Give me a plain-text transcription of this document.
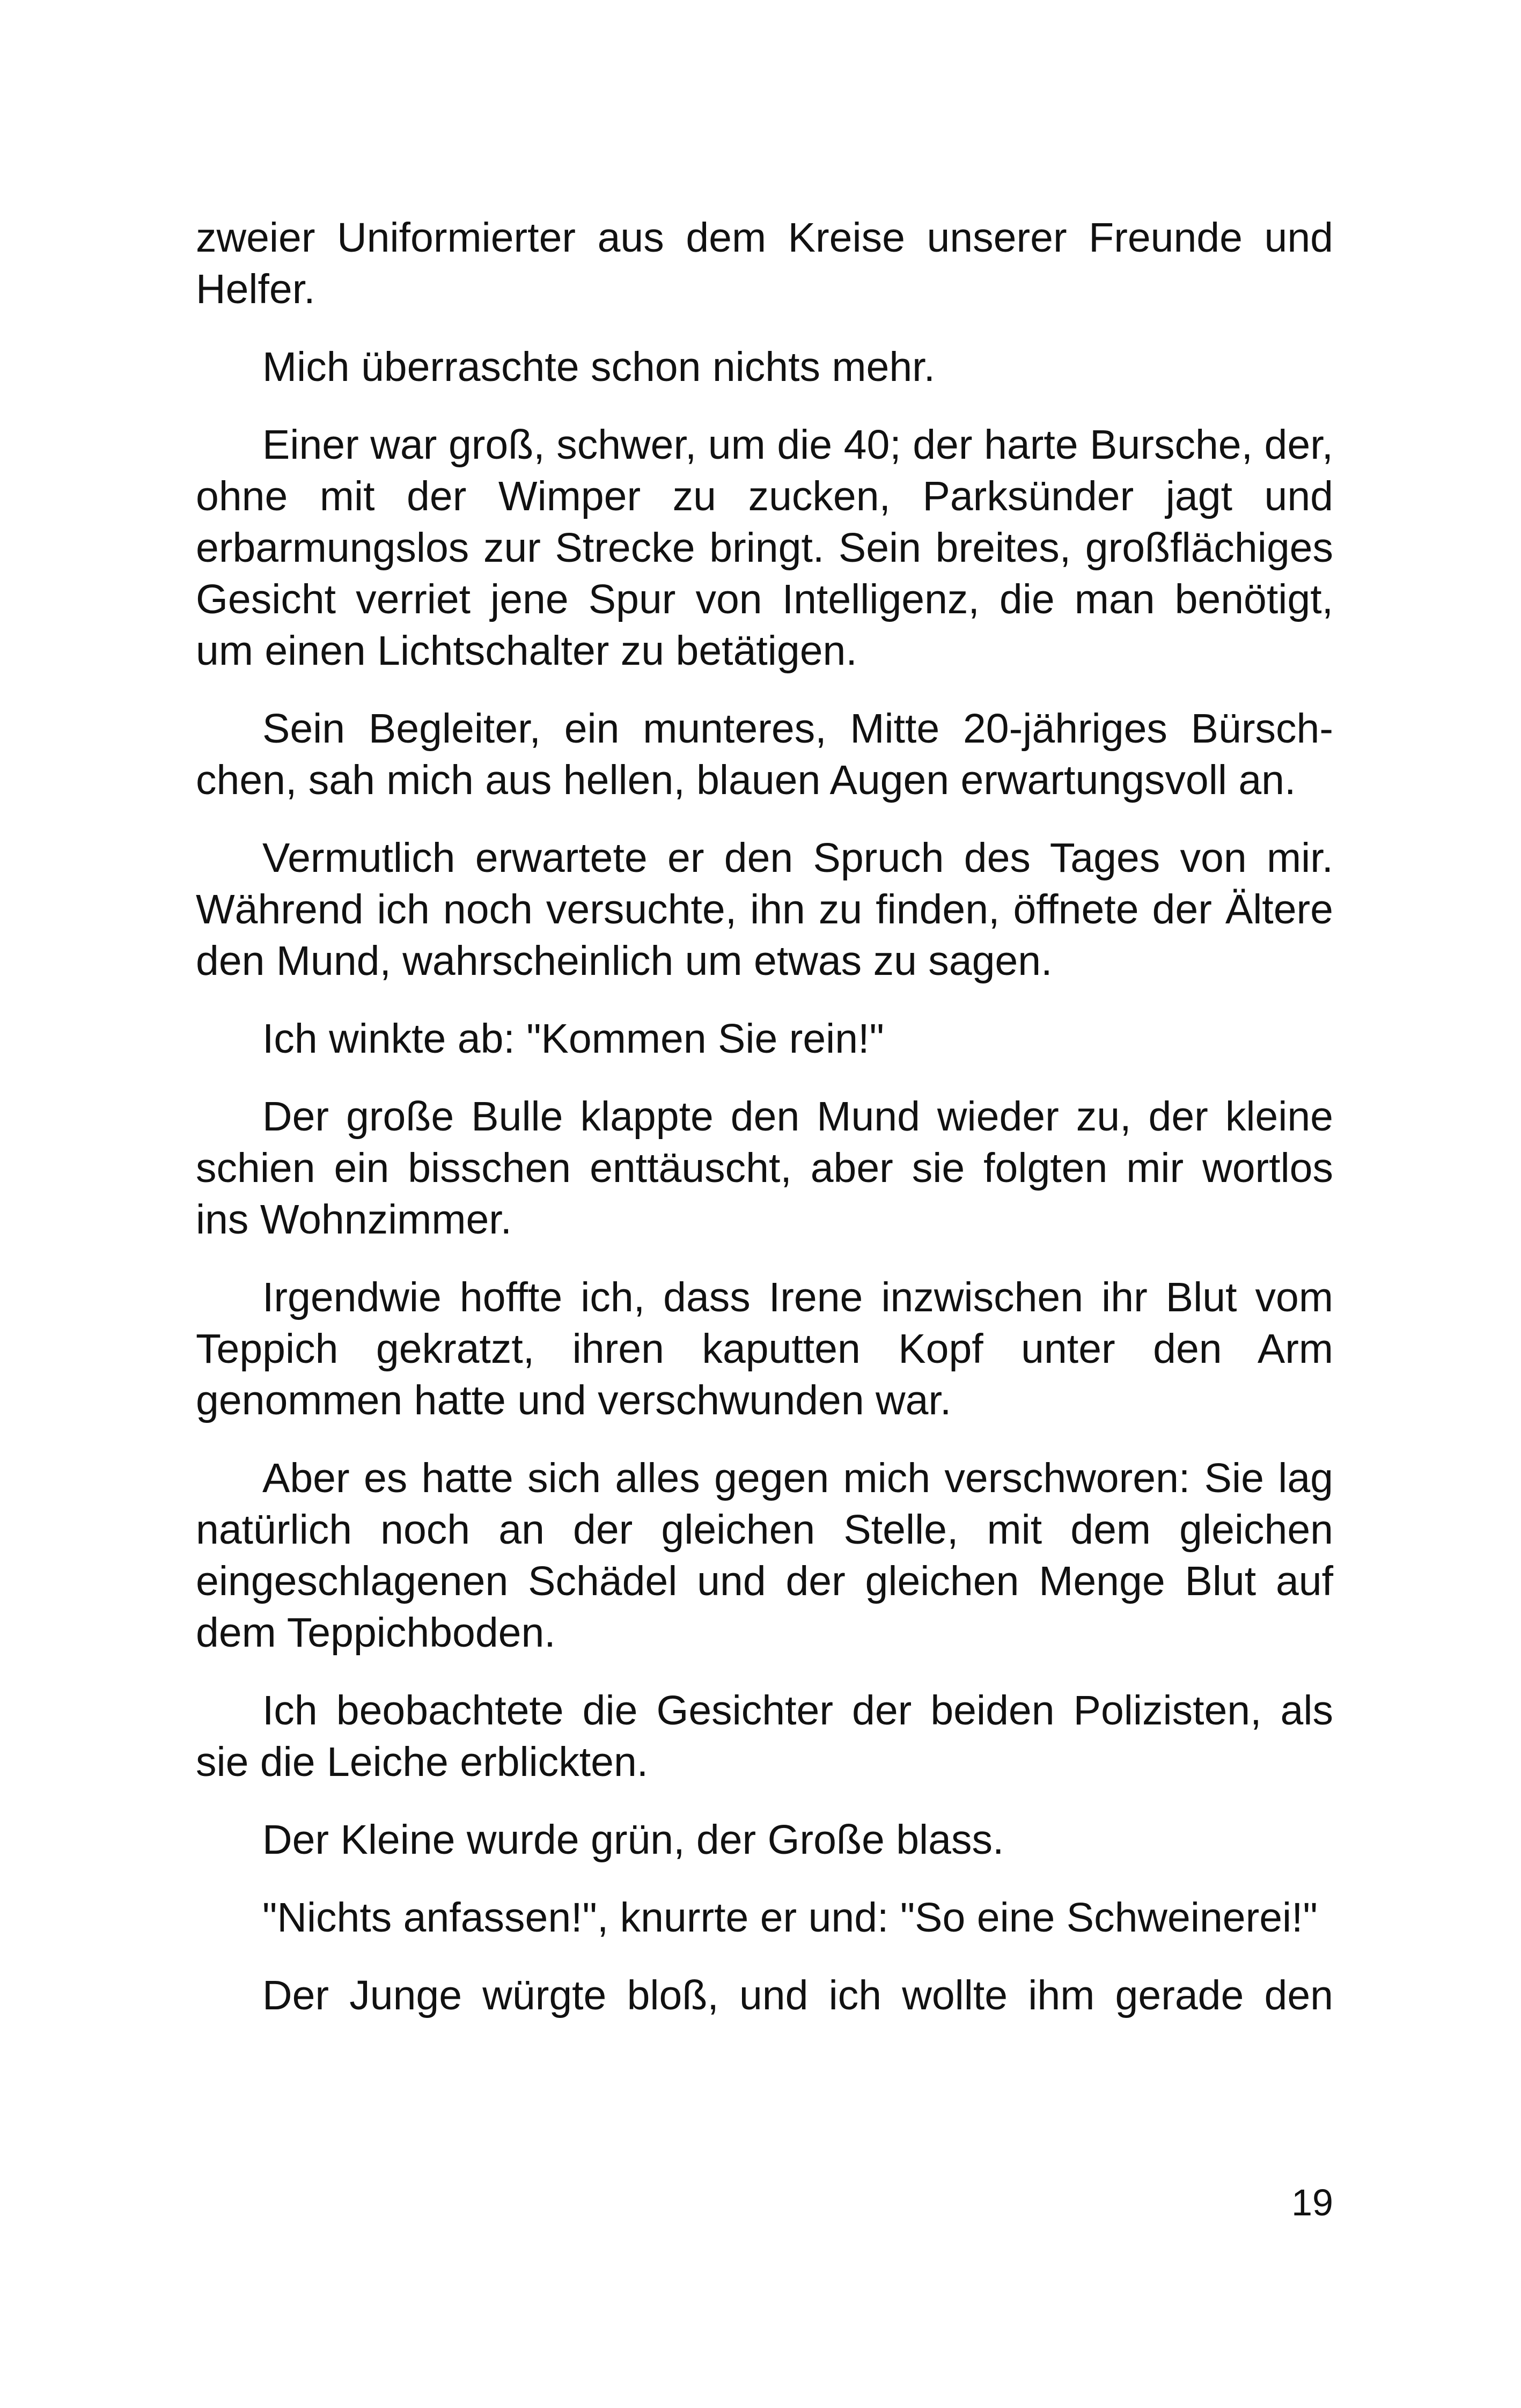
zweier Uniformierter aus dem Kreise unserer Freunde und Helfer.

Mich überraschte schon nichts mehr.

Einer war groß, schwer, um die 40; der harte Bursche, der, ohne mit der Wimper zu zucken, Parksünder jagt und erbarmungslos zur Strecke bringt. Sein breites, großflächiges Gesicht verriet jene Spur von Intelligenz, die man benötigt, um einen Lichtschalter zu betätigen.

Sein Begleiter, ein munteres, Mitte 20-jähriges Bürschchen, sah mich aus hellen, blauen Augen erwartungsvoll an.

Vermutlich erwartete er den Spruch des Tages von mir. Während ich noch versuchte, ihn zu finden, öffnete der Ältere den Mund, wahrscheinlich um etwas zu sagen.

Ich winkte ab: "Kommen Sie rein!"

Der große Bulle klappte den Mund wieder zu, der kleine schien ein bisschen enttäuscht, aber sie folgten mir wortlos ins Wohnzimmer.

Irgendwie hoffte ich, dass Irene inzwischen ihr Blut vom Teppich gekratzt, ihren kaputten Kopf unter den Arm genommen hatte und verschwunden war.

Aber es hatte sich alles gegen mich verschworen: Sie lag natürlich noch an der gleichen Stelle, mit dem gleichen eingeschlagenen Schädel und der gleichen Menge Blut auf dem Teppichboden.

Ich beobachtete die Gesichter der beiden Polizisten, als sie die Leiche erblickten.

Der Kleine wurde grün, der Große blass.

"Nichts anfassen!", knurrte er und: "So eine Schweinerei!"

Der Junge würgte bloß, und ich wollte ihm gerade den

19
